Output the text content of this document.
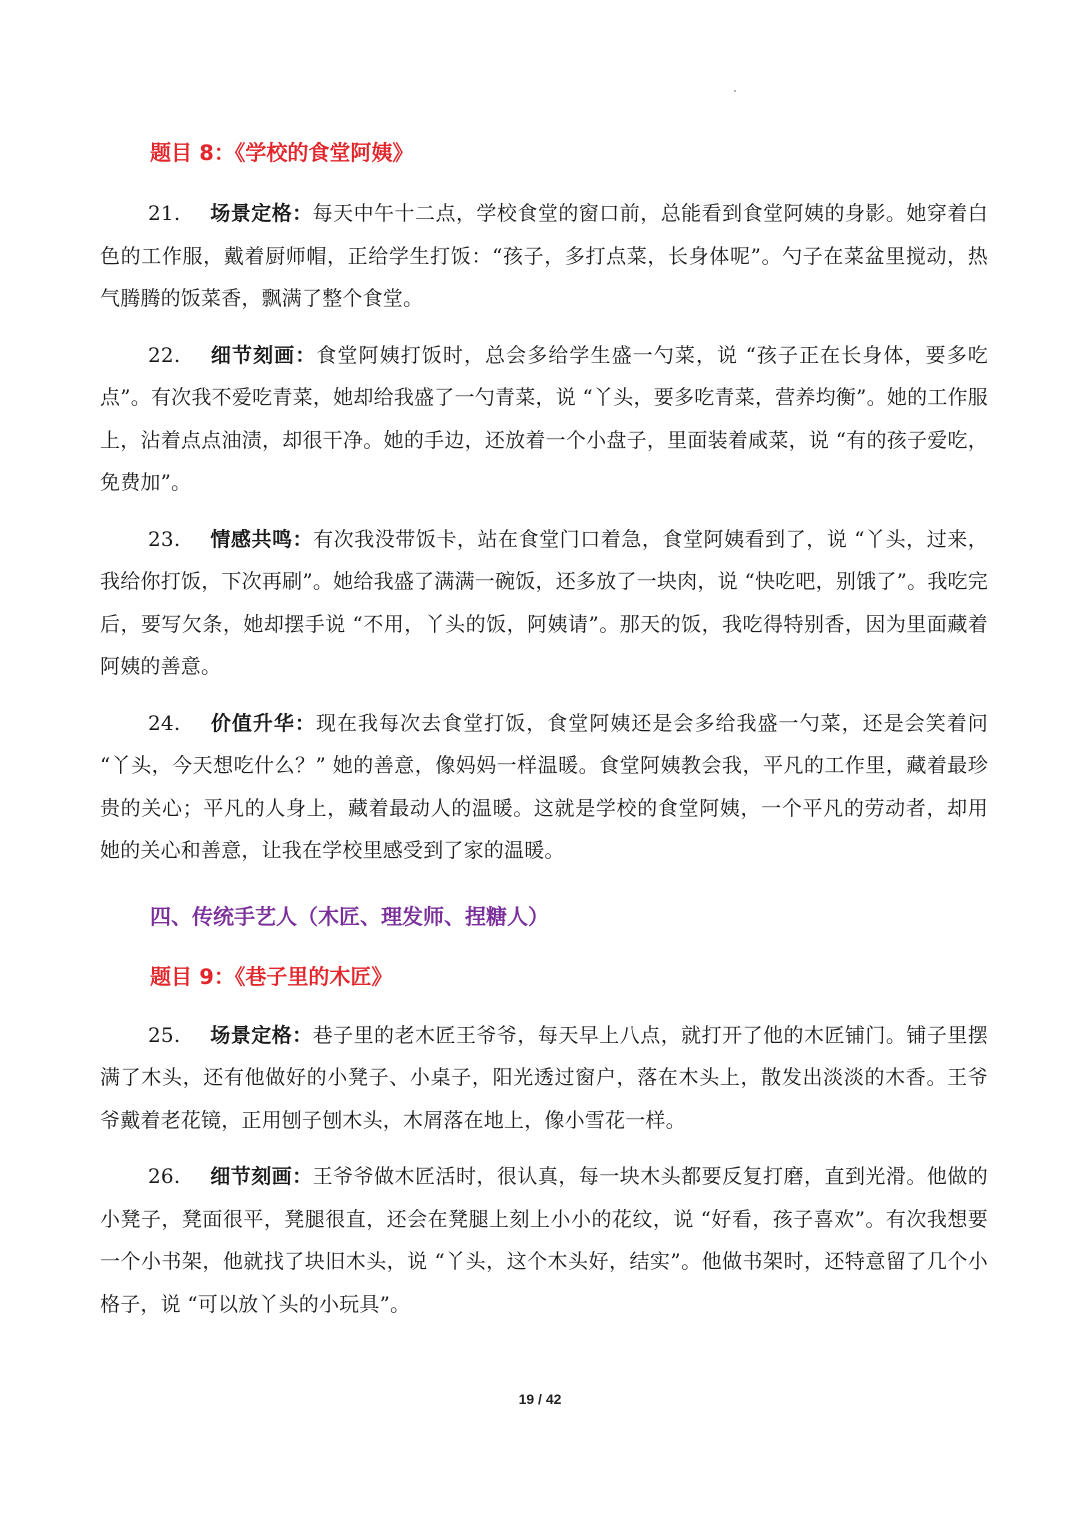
题目 8：《学校的食堂阿姨》

21. 场景定格：每天中午十二点，学校食堂的窗口前，总能看到食堂阿姨的身影。她穿着白色的工作服，戴着厨师帽，正给学生打饭：“孩子，多打点菜，长身体呢”。勺子在菜盆里搅动，热气腾腾的饭菜香，飘满了整个食堂。

22. 细节刻画：食堂阿姨打饭时，总会多给学生盛一勺菜，说 “孩子正在长身体，要多吃点”。有次我不爱吃青菜，她却给我盛了一勺青菜，说 “丫头，要多吃青菜，营养均衡”。她的工作服上，沾着点点油渍，却很干净。她的手边，还放着一个小盘子，里面装着咸菜，说 “有的孩子爱吃，免费加”。

23. 情感共鸣：有次我没带饭卡，站在食堂门口着急，食堂阿姨看到了，说 “丫头，过来，我给你打饭，下次再刷”。她给我盛了满满一碗饭，还多放了一块肉，说 “快吃吧，别饿了”。我吃完后，要写欠条，她却摆手说 “不用，丫头的饭，阿姨请”。那天的饭，我吃得特别香，因为里面藏着阿姨的善意。

24. 价值升华：现在我每次去食堂打饭，食堂阿姨还是会多给我盛一勺菜，还是会笑着问 “丫头，今天想吃什么？” 她的善意，像妈妈一样温暖。食堂阿姨教会我，平凡的工作里，藏着最珍贵的关心；平凡的人身上，藏着最动人的温暖。这就是学校的食堂阿姨，一个平凡的劳动者，却用她的关心和善意，让我在学校里感受到了家的温暖。

四、传统手艺人（木匠、理发师、捏糖人）
题目 9：《巷子里的木匠》

25. 场景定格：巷子里的老木匠王爷爷，每天早上八点，就打开了他的木匠铺门。铺子里摆满了木头，还有他做好的小凳子、小桌子，阳光透过窗户，落在木头上，散发出淡淡的木香。王爷爷戴着老花镜，正用刨子刨木头，木屑落在地上，像小雪花一样。

26. 细节刻画：王爷爷做木匠活时，很认真，每一块木头都要反复打磨，直到光滑。他做的小凳子，凳面很平，凳腿很直，还会在凳腿上刻上小小的花纹，说 “好看，孩子喜欢”。有次我想要一个小书架，他就找了块旧木头，说 “丫头，这个木头好，结实”。他做书架时，还特意留了几个小格子，说 “可以放丫头的小玩具”。

19 / 42
